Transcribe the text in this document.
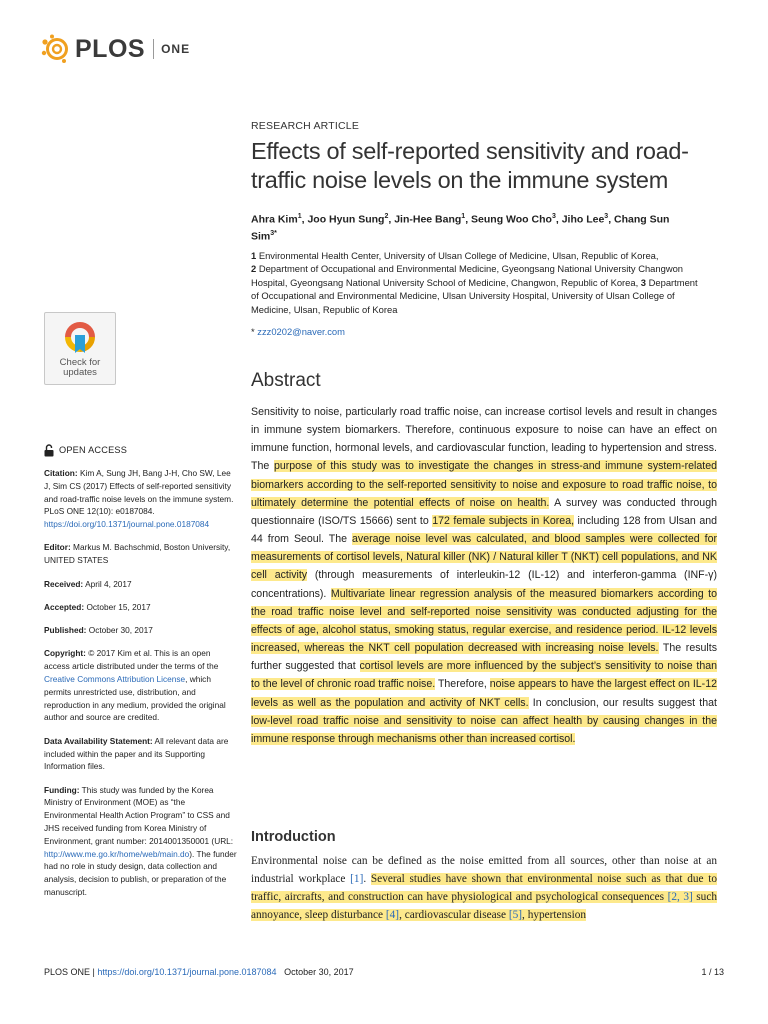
PLOS ONE
RESEARCH ARTICLE
Effects of self-reported sensitivity and road-traffic noise levels on the immune system
Ahra Kim$^1$, Joo Hyun Sung$^2$, Jin-Hee Bang$^1$, Seung Woo Cho$^3$, Jiho Lee$^3$, Chang Sun Sim$^{3*}$
1 Environmental Health Center, University of Ulsan College of Medicine, Ulsan, Republic of Korea,
2 Department of Occupational and Environmental Medicine, Gyeongsang National University Changwon Hospital, Gyeongsang National University School of Medicine, Changwon, Republic of Korea, 3 Department of Occupational and Environmental Medicine, Ulsan University Hospital, University of Ulsan College of Medicine, Ulsan, Republic of Korea
* zzz0202@naver.com
Check for
updates
OPEN ACCESS
Citation: Kim A, Sung JH, Bang J-H, Cho SW, Lee J, Sim CS (2017) Effects of self-reported sensitivity and road-traffic noise levels on the immune system. PLoS ONE 12(10): e0187084. https://doi.org/10.1371/journal.pone.0187084
Editor: Markus M. Bachschmid, Boston University, UNITED STATES
Received: April 4, 2017
Accepted: October 15, 2017
Published: October 30, 2017
Copyright: © 2017 Kim et al. This is an open access article distributed under the terms of the Creative Commons Attribution License, which permits unrestricted use, distribution, and reproduction in any medium, provided the original author and source are credited.
Data Availability Statement: All relevant data are included within the paper and its Supporting Information files.
Funding: This study was funded by the Korea Ministry of Environment (MOE) as “the Environmental Health Action Program” to CSS and JHS received funding from Korea Ministry of Environment, grant number: 2014001350001 (URL: http://www.me.go.kr/home/web/main.do). The funder had no role in study design, data collection and analysis, decision to publish, or preparation of the manuscript.
Abstract
Sensitivity to noise, particularly road traffic noise, can increase cortisol levels and result in changes in immune system biomarkers. Therefore, continuous exposure to noise can have an effect on immune function, hormonal levels, and cardiovascular function, leading to hypertension and stress. The purpose of this study was to investigate the changes in stress-and immune system-related biomarkers according to the self-reported sensitivity to noise and exposure to road traffic noise, to ultimately determine the potential effects of noise on health. A survey was conducted through questionnaire (ISO/TS 15666) sent to 172 female subjects in Korea, including 128 from Ulsan and 44 from Seoul. The average noise level was calculated, and blood samples were collected for measurements of cortisol levels, Natural killer (NK) / Natural killer T (NKT) cell populations, and NK cell activity (through measurements of interleukin-12 (IL-12) and interferon-gamma (INF-γ) concentrations). Multivariate linear regression analysis of the measured biomarkers according to the road traffic noise level and self-reported noise sensitivity was conducted adjusting for the effects of age, alcohol status, smoking status, regular exercise, and residence period. IL-12 levels increased, whereas the NKT cell population decreased with increasing noise levels. The results further suggested that cortisol levels are more influenced by the subject’s sensitivity to noise than to the level of chronic road traffic noise. Therefore, noise appears to have the largest effect on IL-12 levels as well as the population and activity of NKT cells. In conclusion, our results suggest that low-level road traffic noise and sensitivity to noise can affect health by causing changes in the immune response through mechanisms other than increased cortisol.
Introduction
Environmental noise can be defined as the noise emitted from all sources, other than noise at an industrial workplace [1]. Several studies have shown that environmental noise such as that due to traffic, aircrafts, and construction can have physiological and psychological consequences [2, 3] such annoyance, sleep disturbance [4], cardiovascular disease [5], hypertension
PLOS ONE | https://doi.org/10.1371/journal.pone.0187084 October 30, 2017	1 / 13
